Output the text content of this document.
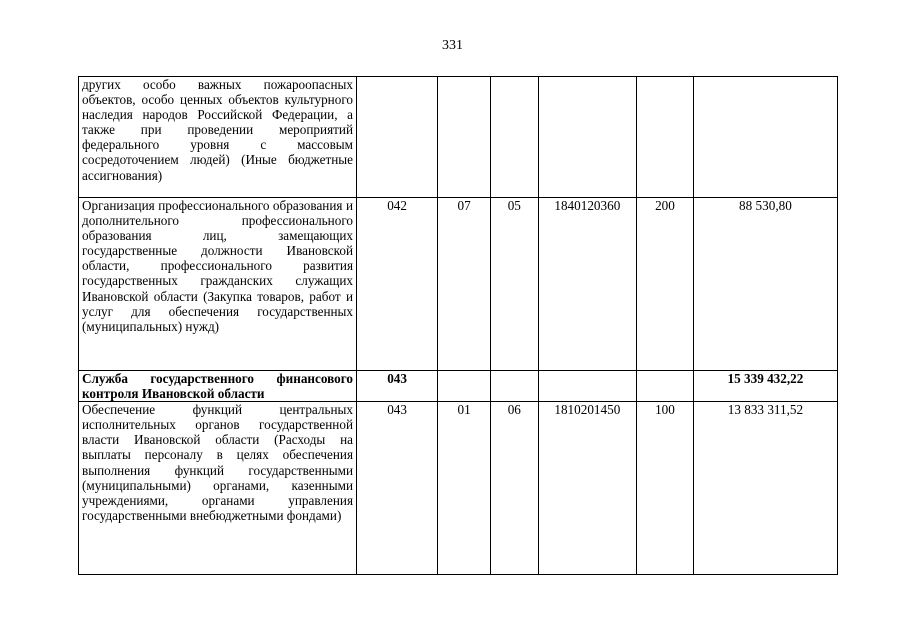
331
других особо важных пожароопасных объектов, особо ценных объектов культурного наследия народов Российской Федерации, а также при проведении мероприятий федерального уровня с массовым сосредоточением людей) (Иные бюджетные ассигнования)						
Организация профессионального образования и дополнительного профессионального образования лиц, замещающих государственные должности Ивановской области, профессионального развития государственных гражданских служащих Ивановской области (Закупка товаров, работ и услуг для обеспечения государственных (муниципальных) нужд)	042	07	05	1840120360	200	88 530,80
Служба государственного финансового контроля Ивановской области	043					15 339 432,22
Обеспечение функций центральных исполнительных органов государственной власти Ивановской области (Расходы на выплаты персоналу в целях обеспечения выполнения функций государственными (муниципальными) органами, казенными учреждениями, органами управления государственными внебюджетными фондами)	043	01	06	1810201450	100	13 833 311,52
